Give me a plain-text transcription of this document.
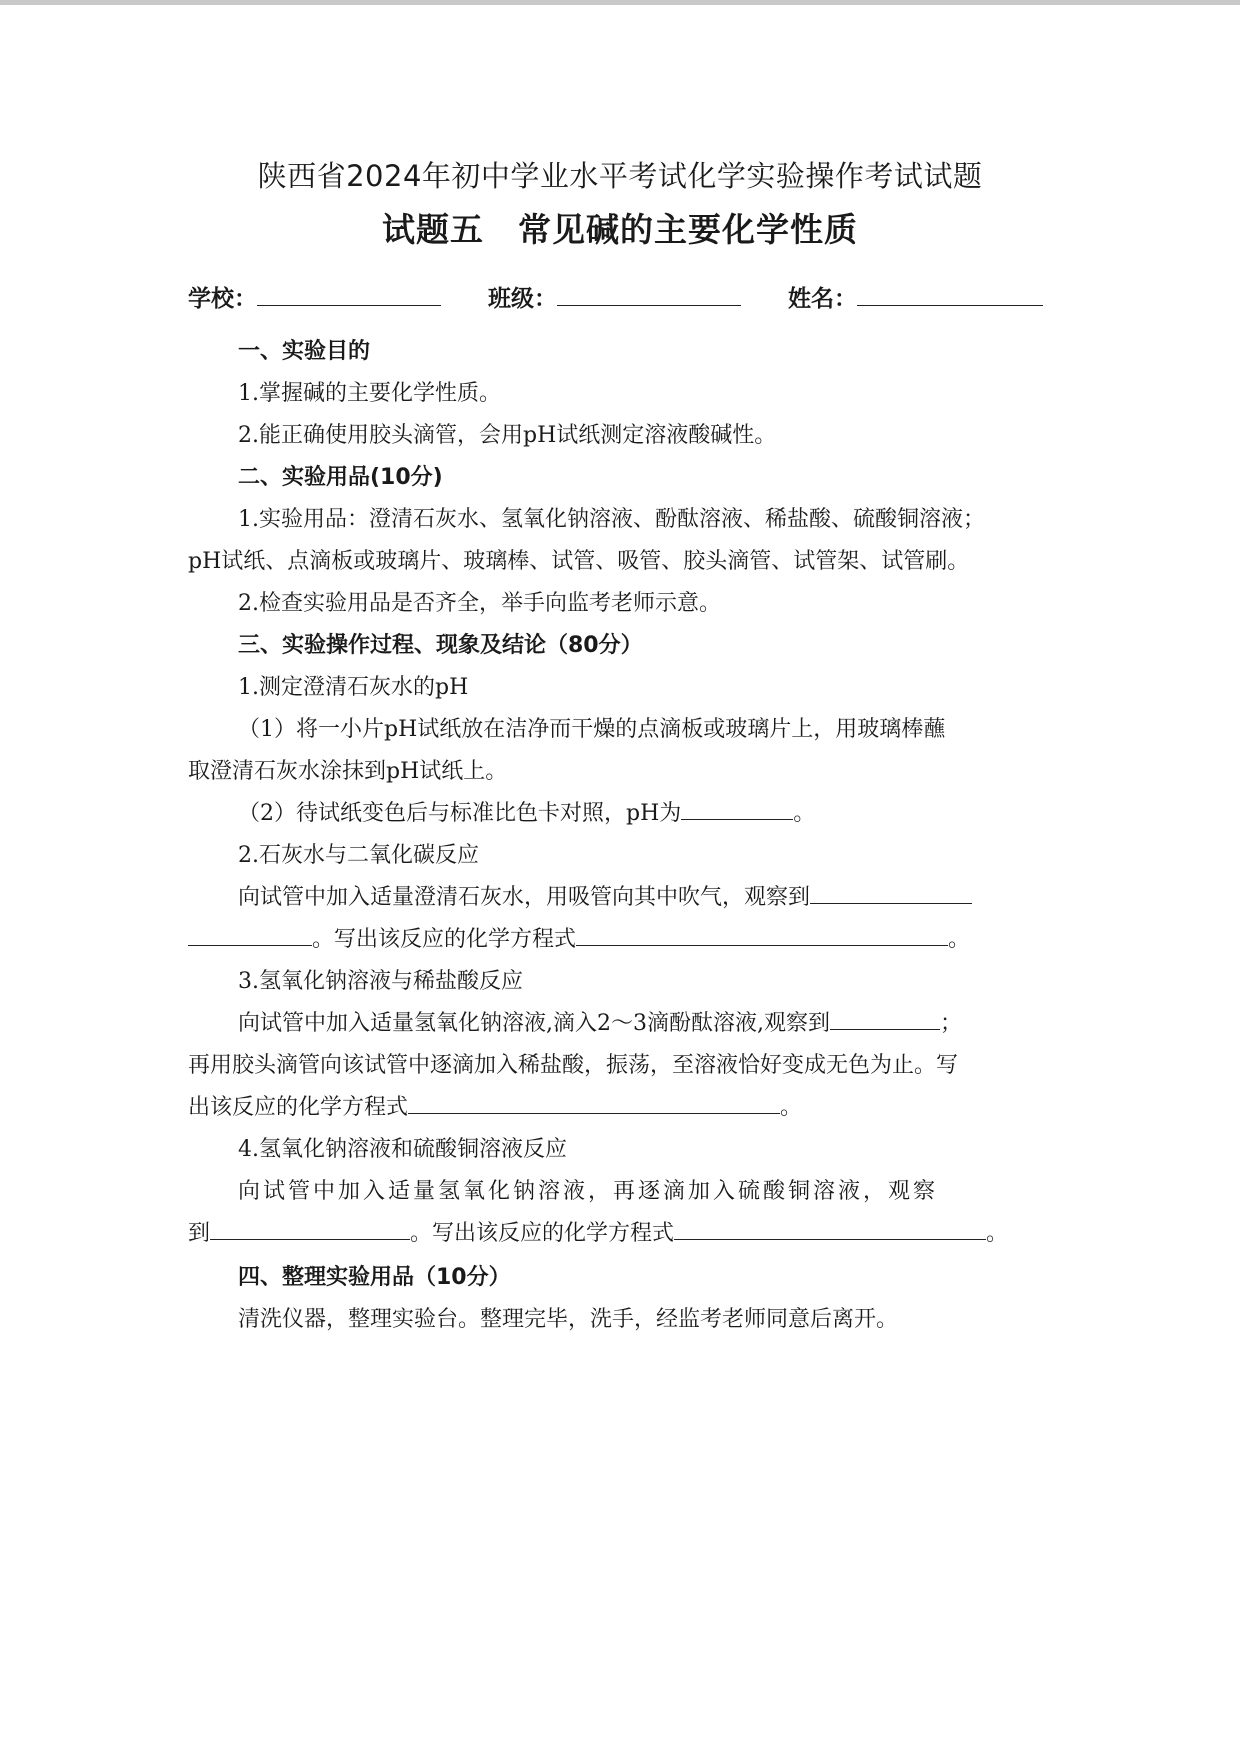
陕西省2024年初中学业水平考试化学实验操作考试试题
试题五 常见碱的主要化学性质
学校：	班级：	姓名：
一、实验目的
1.掌握碱的主要化学性质。
2.能正确使用胶头滴管，会用pH试纸测定溶液酸碱性。
二、实验用品(10分)
1.实验用品：澄清石灰水、氢氧化钠溶液、酚酞溶液、稀盐酸、硫酸铜溶液；
pH试纸、点滴板或玻璃片、玻璃棒、试管、吸管、胶头滴管、试管架、试管刷。
2.检查实验用品是否齐全，举手向监考老师示意。
三、实验操作过程、现象及结论（80分）
1.测定澄清石灰水的pH
（1）将一小片pH试纸放在洁净而干燥的点滴板或玻璃片上，用玻璃棒蘸
取澄清石灰水涂抹到pH试纸上。
（2）待试纸变色后与标准比色卡对照，pH为	。
2.石灰水与二氧化碳反应
向试管中加入适量澄清石灰水，用吸管向其中吹气，观察到
。写出该反应的化学方程式	。
3.氢氧化钠溶液与稀盐酸反应
向试管中加入适量氢氧化钠溶液,滴入2～3滴酚酞溶液,观察到	；
再用胶头滴管向该试管中逐滴加入稀盐酸，振荡，至溶液恰好变成无色为止。写
出该反应的化学方程式	。
4.氢氧化钠溶液和硫酸铜溶液反应
向试管中加入适量氢氧化钠溶液，再逐滴加入硫酸铜溶液，观察
到	。写出该反应的化学方程式	。
四、整理实验用品（10分）
清洗仪器，整理实验台。整理完毕，洗手，经监考老师同意后离开。
